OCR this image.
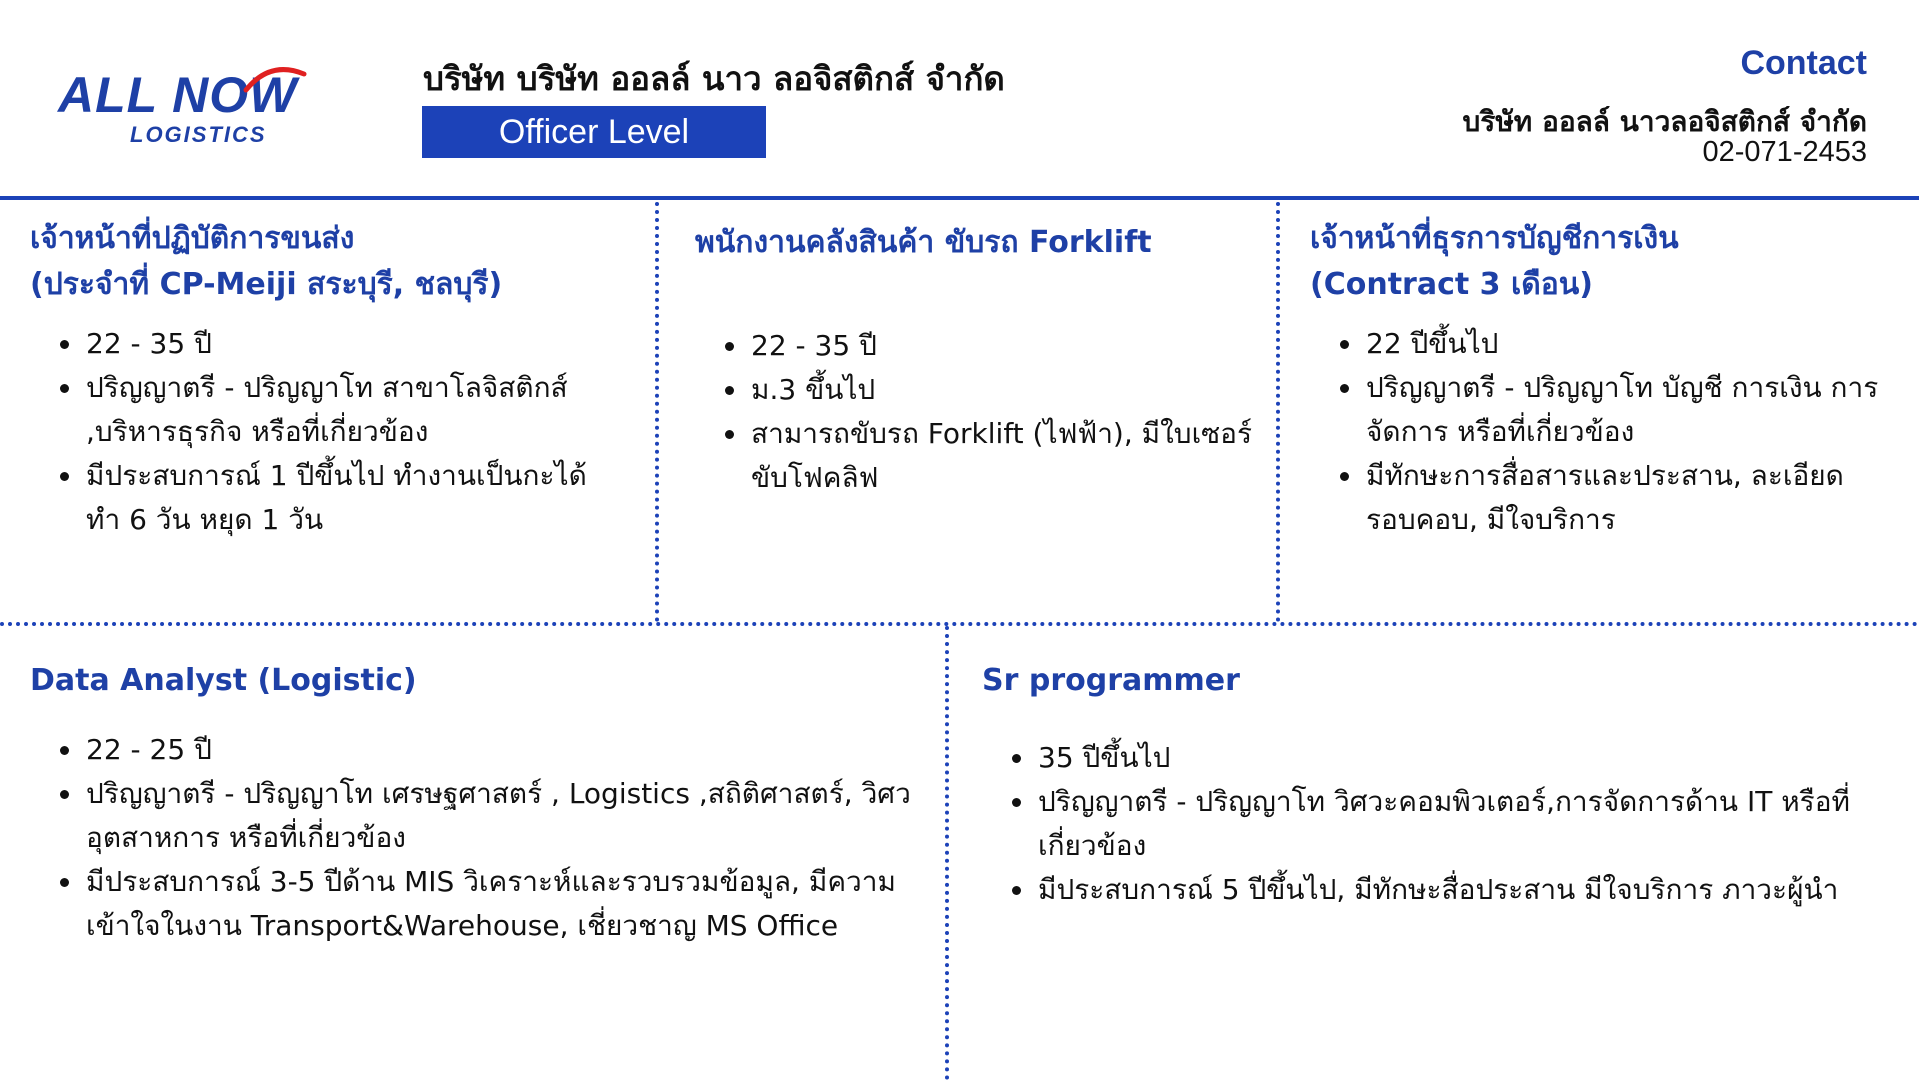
ALL NOW
LOGISTICS
บริษัท บริษัท ออลล์ นาว ลอจิสติกส์ จำกัด
Officer Level
Contact
บริษัท ออลล์ นาวลอจิสติกส์ จำกัด
02-071-2453

เจ้าหน้าที่ปฏิบัติการขนส่ง
(ประจำที่ CP-Meiji สระบุรี, ชลบุรี)

• 22 - 35 ปี
• ปริญญาตรี - ปริญญาโท สาขาโลจิสติกส์ ,บริหารธุรกิจ หรือที่เกี่ยวข้อง
• มีประสบการณ์ 1 ปีขึ้นไป ทำงานเป็นกะได้ ทำ 6 วัน หยุด 1 วัน

พนักงานคลังสินค้า ขับรถ Forklift

• 22 - 35 ปี
• ม.3 ขึ้นไป
• สามารถขับรถ Forklift (ไฟฟ้า), มีใบเซอร์ขับโฟคลิฟ

เจ้าหน้าที่ธุรการบัญชีการเงิน
(Contract 3 เดือน)

• 22 ปีขึ้นไป
• ปริญญาตรี - ปริญญาโท บัญชี การเงิน การจัดการ หรือที่เกี่ยวข้อง
• มีทักษะการสื่อสารและประสาน, ละเอียดรอบคอบ, มีใจบริการ

Data Analyst (Logistic)

• 22 - 25 ปี
• ปริญญาตรี - ปริญญาโท เศรษฐศาสตร์ , Logistics ,สถิติศาสตร์, วิศวอุตสาหการ หรือที่เกี่ยวข้อง
• มีประสบการณ์ 3-5 ปีด้าน MIS วิเคราะห์และรวบรวมข้อมูล, มีความเข้าใจในงาน Transport&Warehouse, เชี่ยวชาญ MS Office

Sr programmer

• 35 ปีขึ้นไป
• ปริญญาตรี - ปริญญาโท วิศวะคอมพิวเตอร์,การจัดการด้าน IT หรือที่เกี่ยวข้อง
• มีประสบการณ์ 5 ปีขึ้นไป, มีทักษะสื่อประสาน มีใจบริการ ภาวะผู้นำ
